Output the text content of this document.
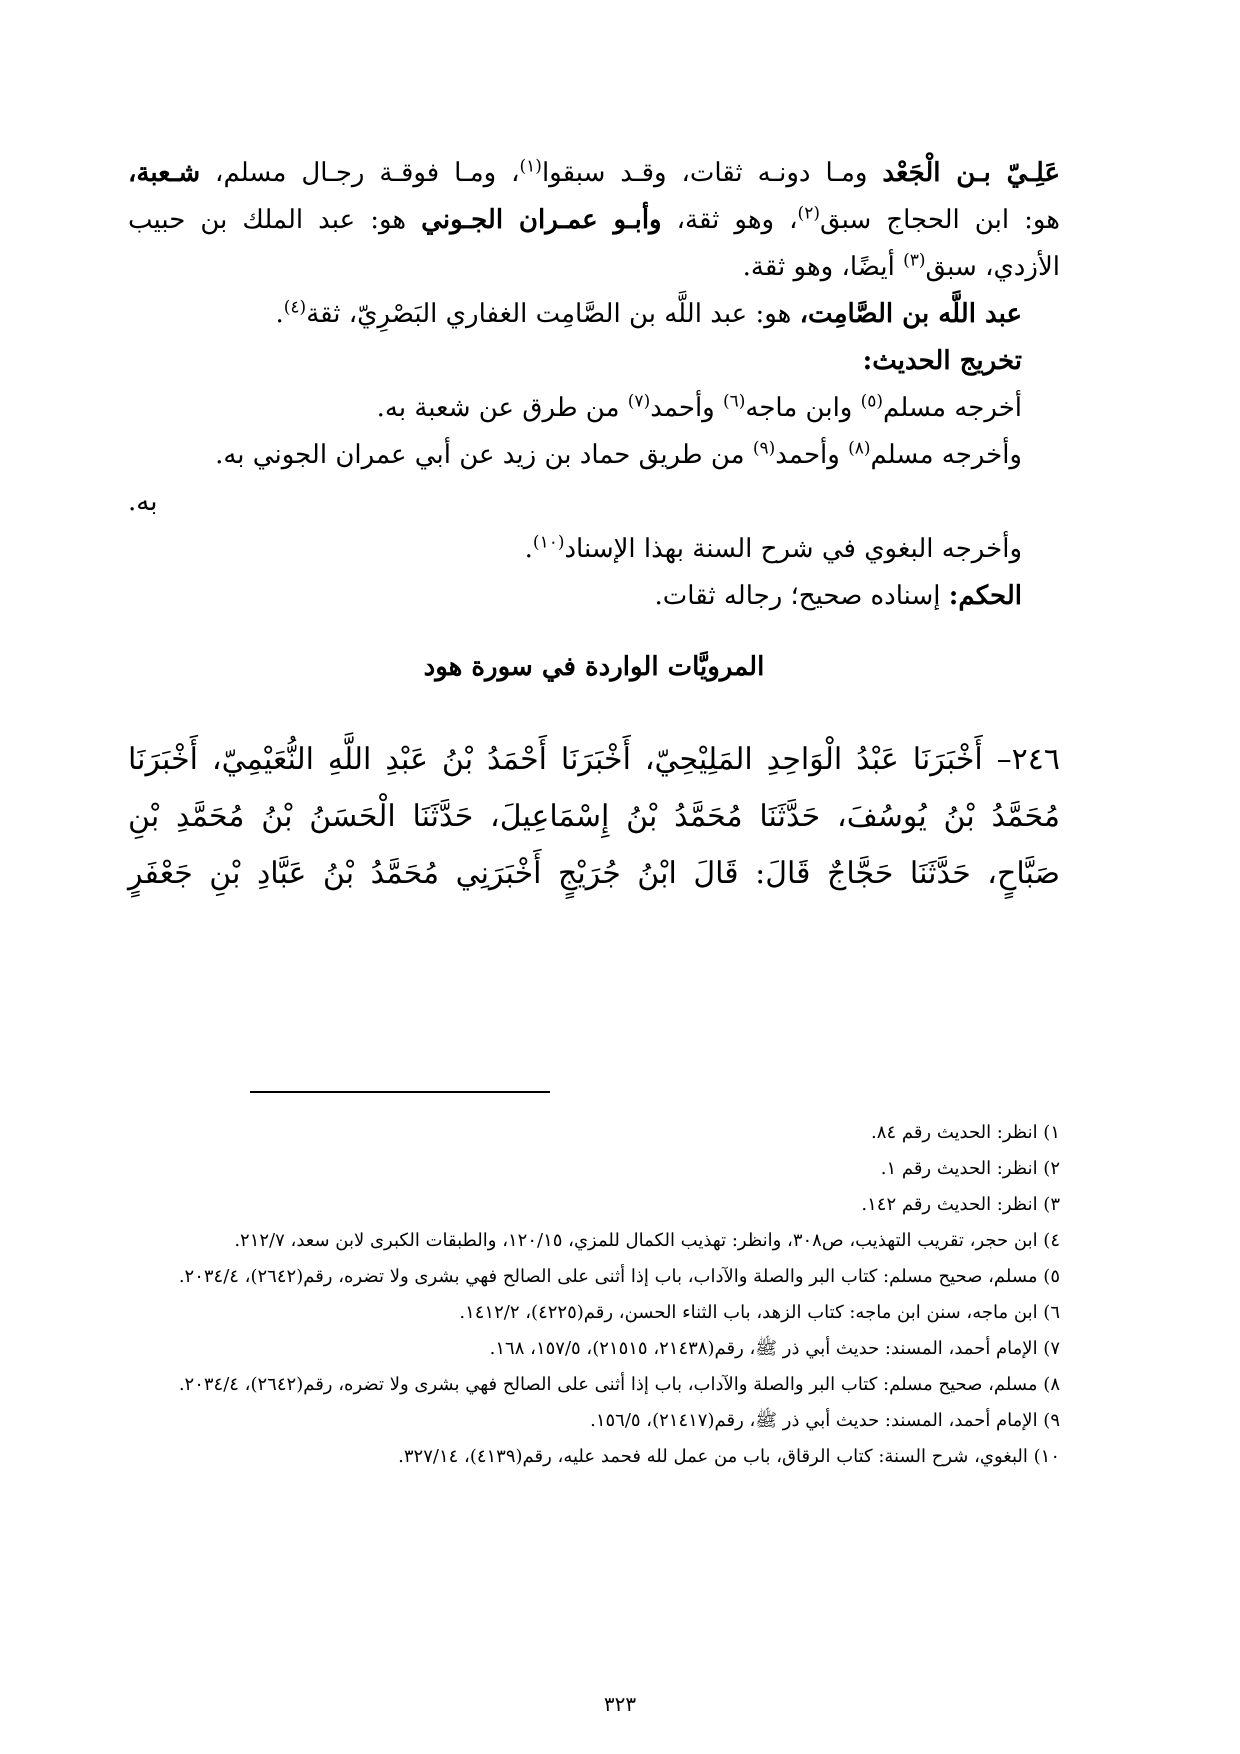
عَلِـيّ بـن الْجَعْد ومـا دونـه ثقات، وقـد سبقوا$^{(١)}$، ومـا فوقـة رجـال مسلم، شـعبة،

هو: ابن الحجاج سبق$^{(٢)}$، وهو ثقة، وأبـو عمـران الجـوني هو: عبد الملك بن حبيب

الأزدي، سبق$^{(٣)}$ أيضًا، وهو ثقة.

عبد اللَّه بن الصَّامِت، هو: عبد اللَّه بن الصَّامِت الغفاري البَصْرِيّ، ثقة$^{(٤)}$.

تخريج الحديث:

أخرجه مسلم$^{(٥)}$ وابن ماجه$^{(٦)}$ وأحمد$^{(٧)}$ من طرق عن شعبة به.

وأخرجه مسلم$^{(٨)}$ وأحمد$^{(٩)}$ من طريق حماد بن زيد عن أبي عمران الجوني به.

به.

وأخرجه البغوي في شرح السنة بهذا الإسناد$^{(١٠)}$.

الحكم: إسناده صحيح؛ رجاله ثقات.

المرويَّات الواردة في سورة هود

٢٤٦– أَخْبَرَنَا عَبْدُ الْوَاحِدِ المَلِيْحِيّ، أَخْبَرَنَا أَحْمَدُ بْنُ عَبْدِ اللَّهِ النُّعَيْمِيّ، أَخْبَرَنَا

مُحَمَّدُ بْنُ يُوسُفَ، حَدَّثَنَا مُحَمَّدُ بْنُ إِسْمَاعِيلَ، حَدَّثَنَا الْحَسَنُ بْنُ مُحَمَّدِ بْنِ

صَبَّاحٍ، حَدَّثَنَا حَجَّاجٌ قَالَ: قَالَ ابْنُ جُرَيْجٍ أَخْبَرَنِي مُحَمَّدُ بْنُ عَبَّادِ بْنِ جَعْفَرٍ

١) انظر: الحديث رقم ٨٤.

٢) انظر: الحديث رقم ١.

٣) انظر: الحديث رقم ١٤٢.

٤) ابن حجر، تقريب التهذيب، ص٣٠٨، وانظر: تهذيب الكمال للمزي، ١٢٠/١٥، والطبقات الكبرى لابن سعد، ٢١٢/٧.

٥) مسلم، صحيح مسلم: كتاب البر والصلة والآداب، باب إذا أثنى على الصالح فهي بشرى ولا تضره، رقم(٢٦٤٢)، ٢٠٣٤/٤.

٦) ابن ماجه، سنن ابن ماجه: كتاب الزهد، باب الثناء الحسن، رقم(٤٢٢٥)، ١٤١٢/٢.

٧) الإمام أحمد، المسند: حديث أبي ذر ﷺ، رقم(٢١٤٣٨، ٢١٥١٥)، ١٥٧/٥، ١٦٨.

٨) مسلم، صحيح مسلم: كتاب البر والصلة والآداب، باب إذا أثنى على الصالح فهي بشرى ولا تضره، رقم(٢٦٤٢)، ٢٠٣٤/٤.

٩) الإمام أحمد، المسند: حديث أبي ذر ﷺ، رقم(٢١٤١٧)، ١٥٦/٥.

١٠) البغوي، شرح السنة: كتاب الرقاق، باب من عمل لله فحمد عليه، رقم(٤١٣٩)، ٣٢٧/١٤.

٣٢٣
